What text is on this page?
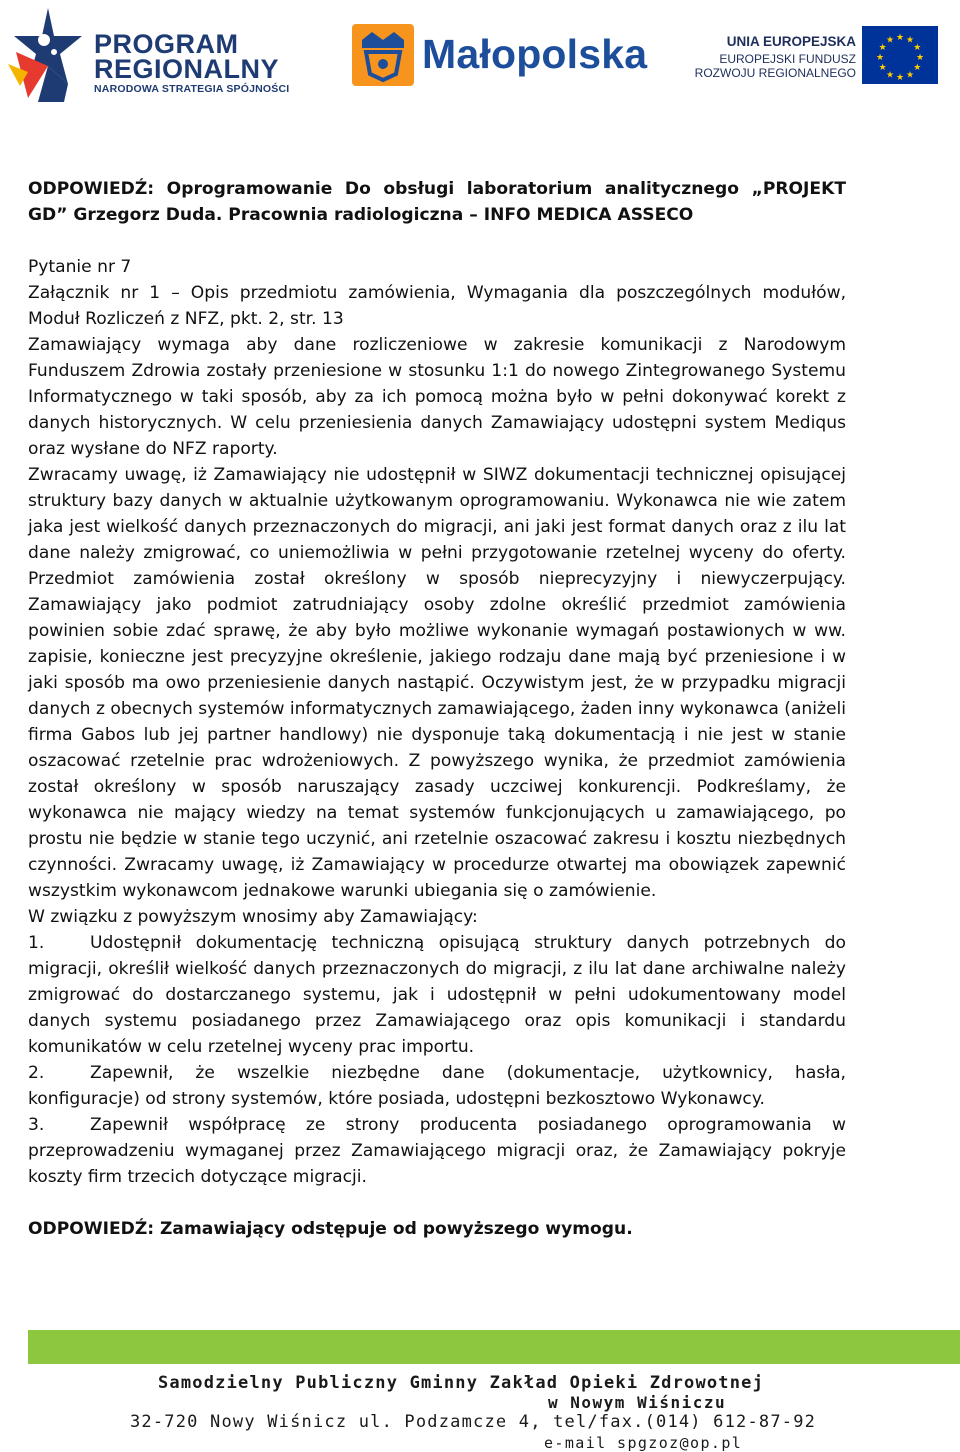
PROGRAM
REGIONALNY
NARODOWA STRATEGIA SPÓJNOŚCI
Małopolska	UNIA EUROPEJSKA
EUROPEJSKI FUNDUSZ
ROZWOJU REGIONALNEGO
★ ★
★
★
★
★
★
★
★
★
★
★

ODPOWIEDŹ: Oprogramowanie Do obsługi laboratorium analitycznego „PROJEKT GD” Grzegorz Duda. Pracownia radiologiczna – INFO MEDICA ASSECO

Pytanie nr 7

Załącznik nr 1 – Opis przedmiotu zamówienia, Wymagania dla poszczególnych modułów, Moduł Rozliczeń z NFZ, pkt. 2, str. 13

Zamawiający wymaga aby dane rozliczeniowe w zakresie komunikacji z Narodowym Funduszem Zdrowia zostały przeniesione w stosunku 1:1 do nowego Zintegrowanego Systemu Informatycznego w taki sposób, aby za ich pomocą można było w pełni dokonywać korekt z danych historycznych. W celu przeniesienia danych Zamawiający udostępni system Mediqus oraz wysłane do NFZ raporty.

Zwracamy uwagę, iż Zamawiający nie udostępnił w SIWZ dokumentacji technicznej opisującej struktury bazy danych w aktualnie użytkowanym oprogramowaniu. Wykonawca nie wie zatem jaka jest wielkość danych przeznaczonych do migracji, ani jaki jest format danych oraz z ilu lat dane należy zmigrować, co uniemożliwia w pełni przygotowanie rzetelnej wyceny do oferty. Przedmiot zamówienia został określony w sposób nieprecyzyjny i niewyczerpujący. Zamawiający jako podmiot zatrudniający osoby zdolne określić przedmiot zamówienia powinien sobie zdać sprawę, że aby było możliwe wykonanie wymagań postawionych w ww. zapisie, konieczne jest precyzyjne określenie, jakiego rodzaju dane mają być przeniesione i w jaki sposób ma owo przeniesienie danych nastąpić. Oczywistym jest, że w przypadku migracji danych z obecnych systemów informatycznych zamawiającego, żaden inny wykonawca (aniżeli firma Gabos lub jej partner handlowy) nie dysponuje taką dokumentacją i nie jest w stanie oszacować rzetelnie prac wdrożeniowych. Z powyższego wynika, że przedmiot zamówienia został określony w sposób naruszający zasady uczciwej konkurencji. Podkreślamy, że wykonawca nie mający wiedzy na temat systemów funkcjonujących u zamawiającego, po prostu nie będzie w stanie tego uczynić, ani rzetelnie oszacować zakresu i kosztu niezbędnych czynności. Zwracamy uwagę, iż Zamawiający w procedurze otwartej ma obowiązek zapewnić wszystkim wykonawcom jednakowe warunki ubiegania się o zamówienie.

W związku z powyższym wnosimy aby Zamawiający:

1.	Udostępnił dokumentację techniczną opisującą struktury danych potrzebnych do migracji, określił wielkość danych przeznaczonych do migracji, z ilu lat dane archiwalne należy zmigrować do dostarczanego systemu, jak i udostępnił w pełni udokumentowany model danych systemu posiadanego przez Zamawiającego oraz opis komunikacji i standardu komunikatów w celu rzetelnej wyceny prac importu.

2.	Zapewnił, że wszelkie niezbędne dane (dokumentacje, użytkownicy, hasła, konfiguracje) od strony systemów, które posiada, udostępni bezkosztowo Wykonawcy.

3.	Zapewnił współpracę ze strony producenta posiadanego oprogramowania w przeprowadzeniu wymaganej przez Zamawiającego migracji oraz, że Zamawiający pokryje koszty firm trzecich dotyczące migracji.

ODPOWIEDŹ: Zamawiający odstępuje od powyższego wymogu.

Samodzielny Publiczny Gminny Zakład Opieki Zdrowotnej
w Nowym Wiśniczu
32-720 Nowy Wiśnicz ul. Podzamcze 4, tel/fax.(014) 612-87-92
e-mail spgzoz@op.pl
